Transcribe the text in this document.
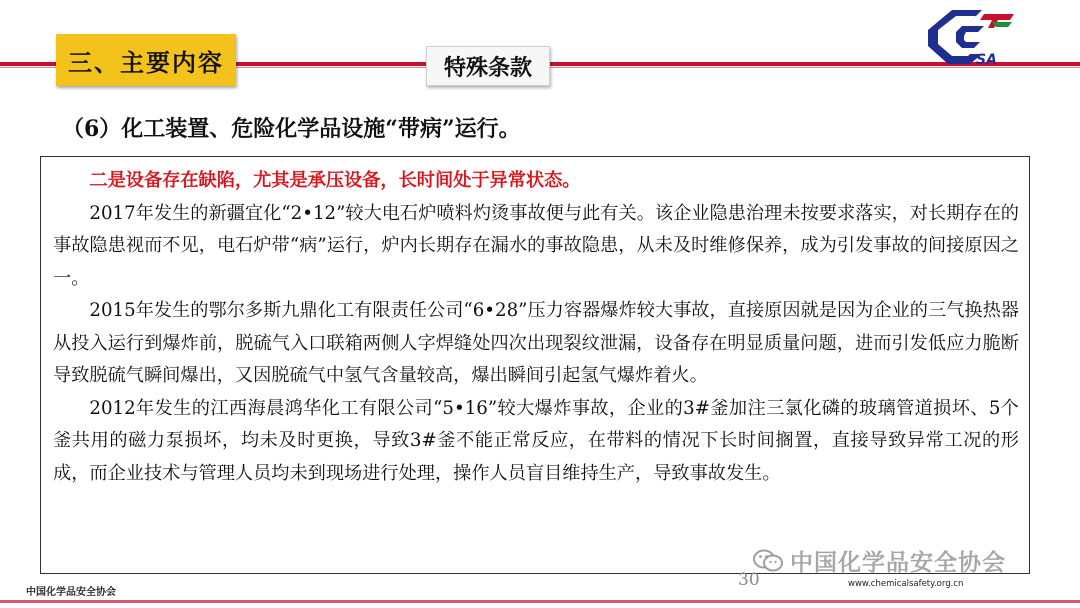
三、主要内容	特殊条款	SA
（6）化工装置、危险化学品设施“带病”运行。

二是设备存在缺陷，尤其是承压设备，长时间处于异常状态。

2017年发生的新疆宜化“2•12”较大电石炉喷料灼烫事故便与此有关。该企业隐患治理未按要求落实，对长期存在的事故隐患视而不见，电石炉带“病”运行，炉内长期存在漏水的事故隐患，从未及时维修保养，成为引发事故的间接原因之一。

2015年发生的鄂尔多斯九鼎化工有限责任公司“6•28”压力容器爆炸较大事故，直接原因就是因为企业的三气换热器从投入运行到爆炸前，脱硫气入口联箱两侧人字焊缝处四次出现裂纹泄漏，设备存在明显质量问题，进而引发低应力脆断导致脱硫气瞬间爆出，又因脱硫气中氢气含量较高，爆出瞬间引起氢气爆炸着火。

2012年发生的江西海晨鸿华化工有限公司“5•16”较大爆炸事故，企业的3#釜加注三氯化磷的玻璃管道损坏、5个釜共用的磁力泵损坏，均未及时更换，导致3#釜不能正常反应，在带料的情况下长时间搁置，直接导致异常工况的形成，而企业技术与管理人员均未到现场进行处理，操作人员盲目维持生产，导致事故发生。

中国化学品安全协会
中国化学品安全协会
30	www.chemicalsafety.org.cn
